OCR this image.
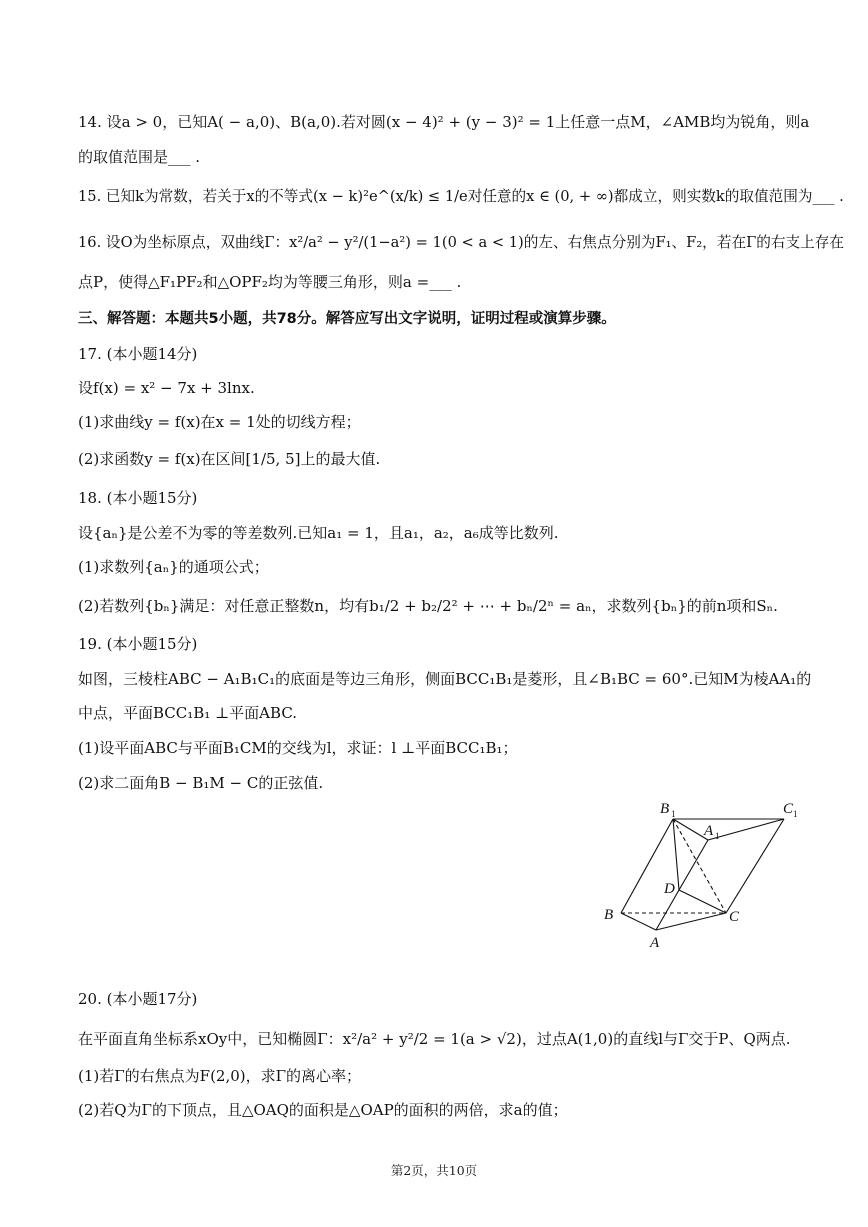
14. 设a > 0，已知A( − a,0)、B(a,0).若对圆(x − 4)² + (y − 3)² = 1上任意一点M，∠AMB均为锐角，则a
的取值范围是___ .
15. 已知k为常数，若关于x的不等式(x − k)²e^(x/k) ≤ 1/e对任意的x ∈ (0, + ∞)都成立，则实数k的取值范围为___ .
16. 设O为坐标原点，双曲线Γ：x²/a² − y²/(1−a²) = 1(0 < a < 1)的左、右焦点分别为F₁、F₂，若在Γ的右支上存在
点P，使得△F₁PF₂和△OPF₂均为等腰三角形，则a =___ .
三、解答题：本题共5小题，共78分。解答应写出文字说明，证明过程或演算步骤。
17. (本小题14分)
设f(x) = x² − 7x + 3lnx.
(1)求曲线y = f(x)在x = 1处的切线方程；
(2)求函数y = f(x)在区间[1/5, 5]上的最大值.
18. (本小题15分)
设{aₙ}是公差不为零的等差数列.已知a₁ = 1，且a₁，a₂，a₆成等比数列.
(1)求数列{aₙ}的通项公式；
(2)若数列{bₙ}满足：对任意正整数n，均有b₁/2 + b₂/2² + ⋯ + bₙ/2ⁿ = aₙ，求数列{bₙ}的前n项和Sₙ.
19. (本小题15分)
如图，三棱柱ABC − A₁B₁C₁的底面是等边三角形，侧面BCC₁B₁是菱形，且∠B₁BC = 60°.已知M为棱AA₁的
中点，平面BCC₁B₁ ⊥平面ABC.
(1)设平面ABC与平面B₁CM的交线为l，求证：l ⊥平面BCC₁B₁；
(2)求二面角B − B₁M − C的正弦值.
B 1	C 1
A 1
D
B	C
A
20. (本小题17分)
在平面直角坐标系xOy中，已知椭圆Γ：x²/a² + y²/2 = 1(a > √2)，过点A(1,0)的直线l与Γ交于P、Q两点.
(1)若Γ的右焦点为F(2,0)，求Γ的离心率；
(2)若Q为Γ的下顶点，且△OAQ的面积是△OAP的面积的两倍，求a的值；
第2页，共10页
